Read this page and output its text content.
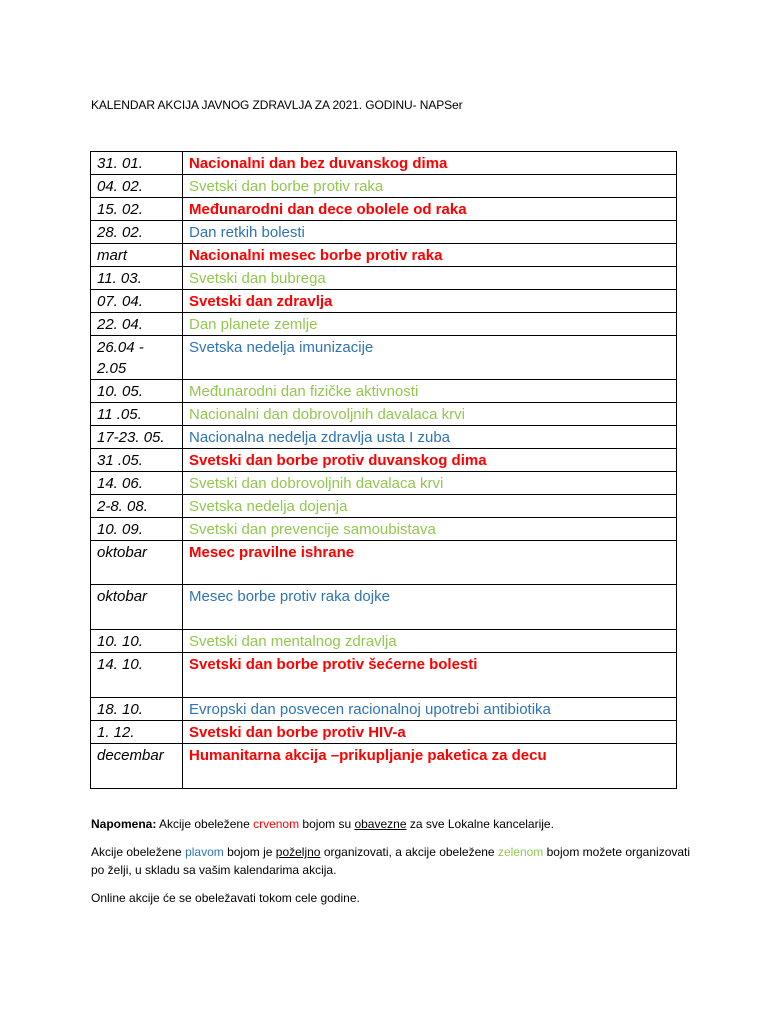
KALENDAR AKCIJA JAVNOG ZDRAVLJA ZA 2021. GODINU- NAPSer
31. 01.	Nacionalni dan bez duvanskog dima
04. 02.	Svetski dan borbe protiv raka
15. 02.	Međunarodni dan dece obolele od raka
28. 02.	Dan retkih bolesti
mart	Nacionalni mesec borbe protiv raka
11. 03.	Svetski dan bubrega
07. 04.	Svetski dan zdravlja
22. 04.	Dan planete zemlje
26.04 - 2.05	Svetska nedelja imunizacije
10. 05.	Međunarodni dan fizičke aktivnosti
11 .05.	Nacionalni dan dobrovoljnih davalaca krvi
17-23. 05.	Nacionalna nedelja zdravlja usta I zuba
31 .05.	Svetski dan borbe protiv duvanskog dima
14. 06.	Svetski dan dobrovoljnih davalaca krvi
2-8. 08.	Svetska nedelja dojenja
10. 09.	Svetski dan prevencije samoubistava
oktobar	Mesec pravilne ishrane
oktobar	Mesec borbe protiv raka dojke
10. 10.	Svetski dan mentalnog zdravlja
14. 10.	Svetski dan borbe protiv šećerne bolesti
18. 10.	Evropski dan posvecen racionalnoj upotrebi antibiotika
1. 12.	Svetski dan borbe protiv HIV-a
decembar	Humanitarna akcija –prikupljanje paketica za decu

Napomena: Akcije obeležene crvenom bojom su obavezne za sve Lokalne kancelarije.

Akcije obeležene plavom bojom je poželjno organizovati, a akcije obeležene zelenom bojom možete organizovati po želji, u skladu sa vašim kalendarima akcija.

Online akcije će se obeležavati tokom cele godine.
